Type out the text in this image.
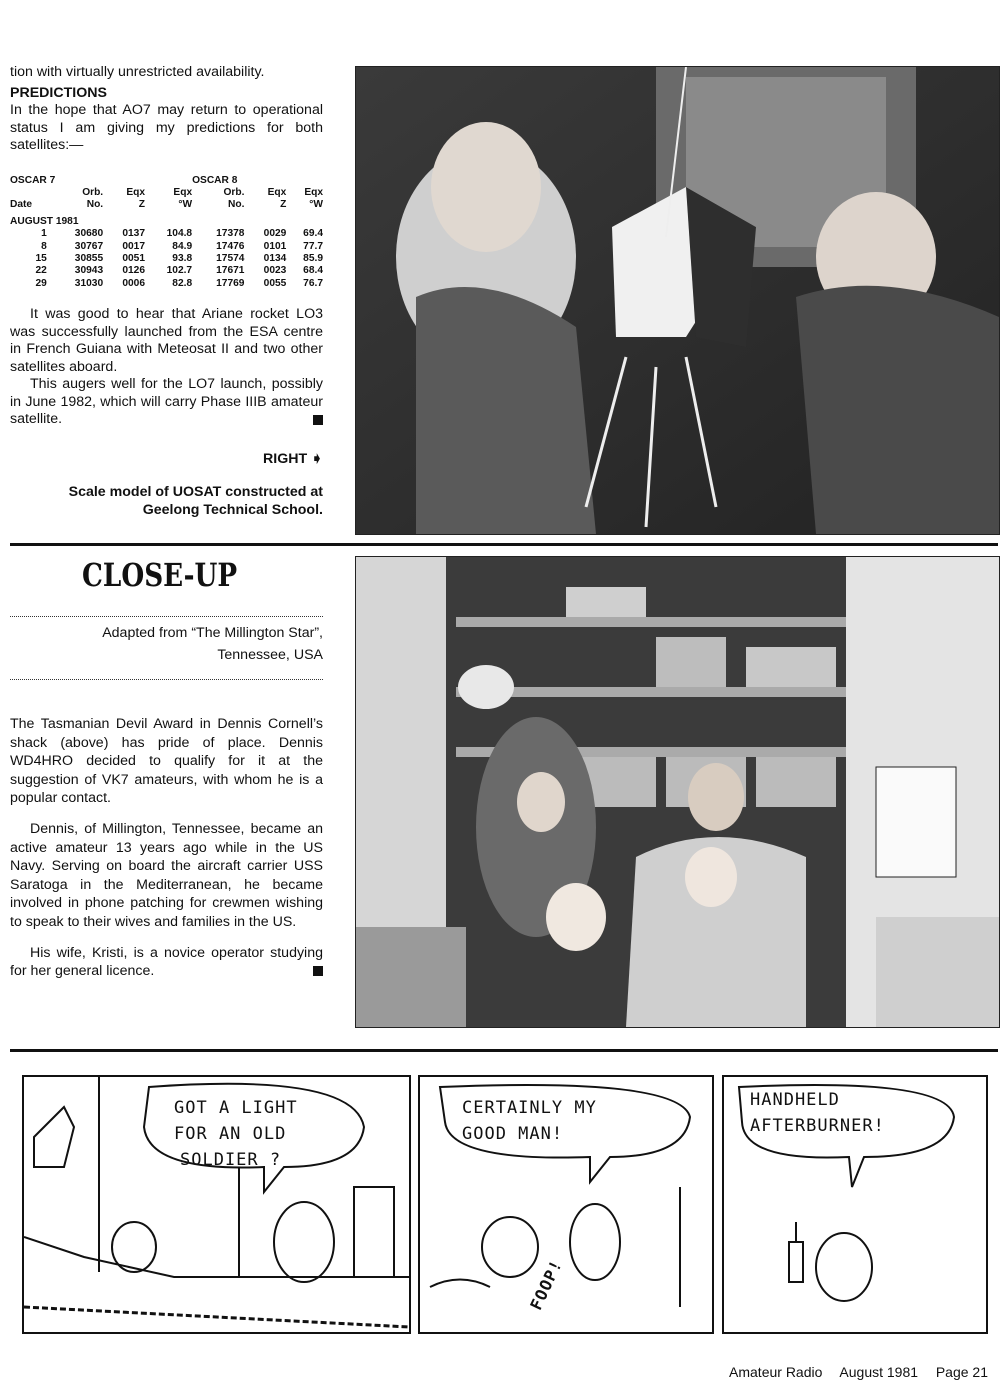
tion with virtually unrestricted availability.
PREDICTIONS

In the hope that AO7 may return to operational status I am giving my predictions for both satellites:—

OSCAR 7				OSCAR 8		
	Orb.	Eqx	Eqx	Orb.	Eqx	Eqx
Date	No.	Z	°W	No.	Z	°W

AUGUST 1981						
1	30680	0137	104.8	17378	0029	69.4
8	30767	0017	84.9	17476	0101	77.7
15	30855	0051	93.8	17574	0134	85.9
22	30943	0126	102.7	17671	0023	68.4
29	31030	0006	82.8	17769	0055	76.7

It was good to hear that Ariane rocket LO3 was successfully launched from the ESA centre in French Guiana with Meteosat II and two other satellites aboard.

This augers well for the LO7 launch, possibly in June 1982, which will carry Phase IIIB amateur satellite.

RIGHT ➧
Scale model of UOSAT constructed at Geelong Technical School.
CLOSE-UP
Adapted from “The Millington Star”,
Tennessee, USA

The Tasmanian Devil Award in Dennis Cornell’s shack (above) has pride of place. Dennis WD4HRO decided to qualify for it at the suggestion of VK7 amateurs, with whom he is a popular contact.

Dennis, of Millington, Tennessee, became an active amateur 13 years ago while in the US Navy. Serving on board the aircraft carrier USS Saratoga in the Mediterranean, he became involved in phone patching for crewmen wishing to speak to their wives and families in the US.

His wife, Kristi, is a novice operator studying for her general licence.

GOT A LIGHT
FOR AN OLD
SOLDIER ?
CERTAINLY MY
GOOD MAN!
FOOP!
HANDHELD
AFTERBURNER!
Amateur Radio August 1981 Page 21
